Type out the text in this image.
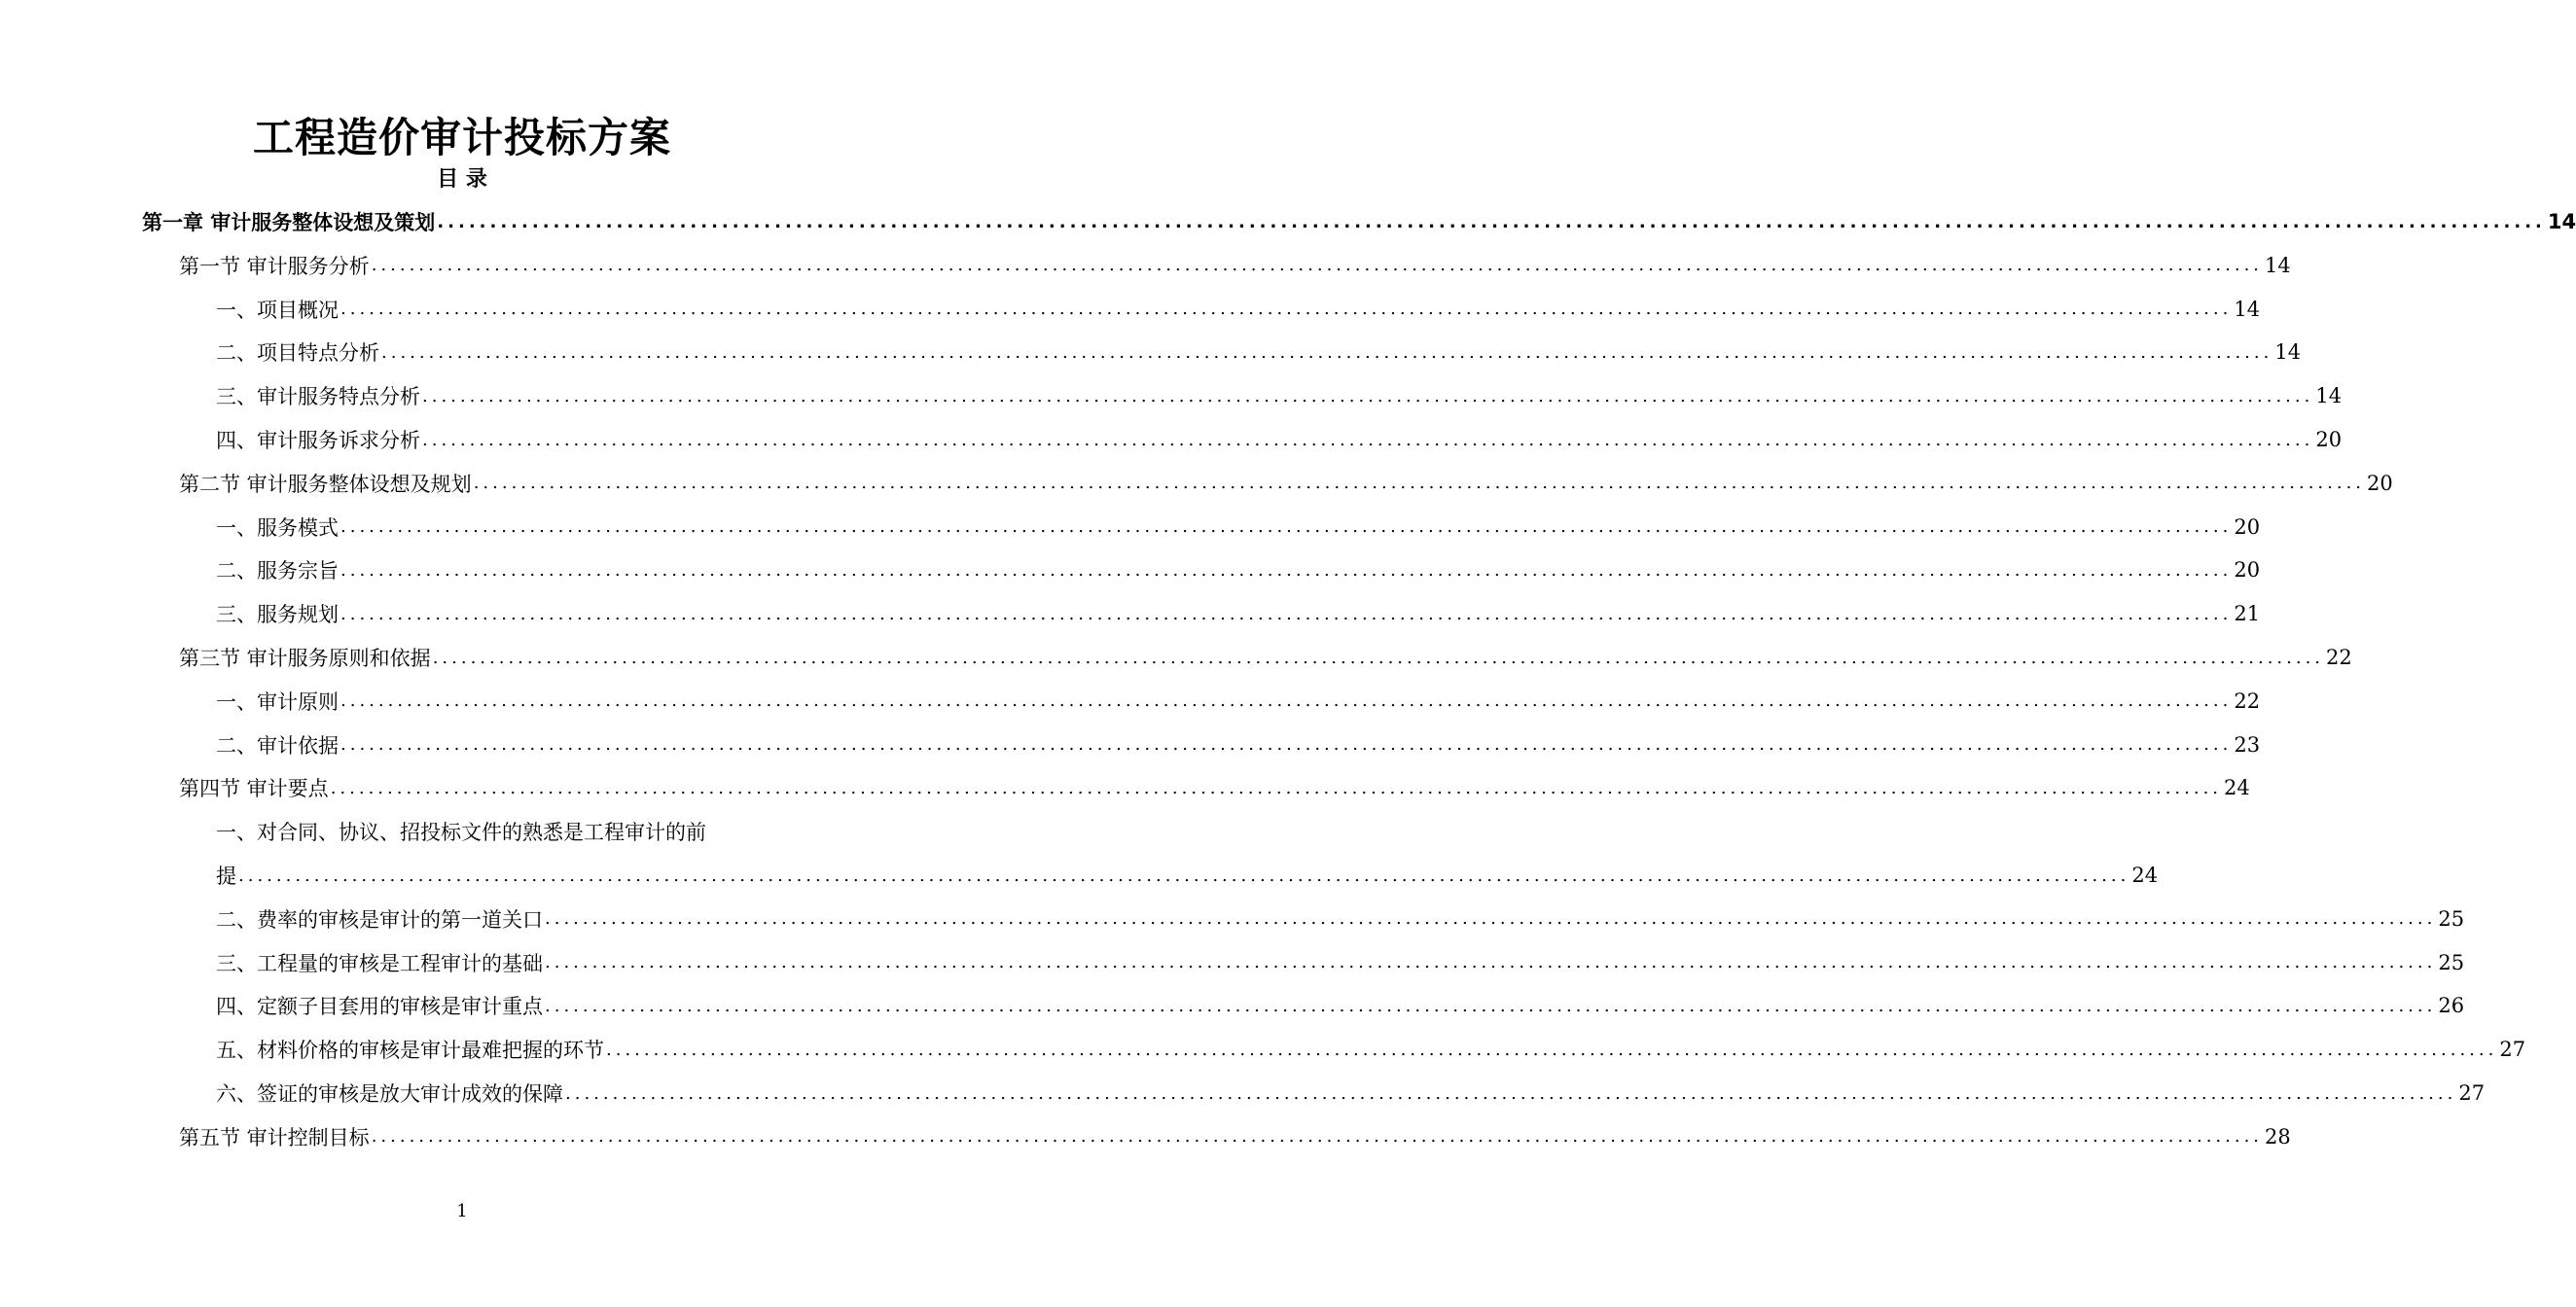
工程造价审计投标方案
目 录
第一章 审计服务整体设想及策划 ........................................................................................................................................................................................................ 14
第一节 审计服务分析 ........................................................................................................................................................................................................ 14
一、项目概况 ........................................................................................................................................................................................................ 14
二、项目特点分析 ........................................................................................................................................................................................................ 14
三、审计服务特点分析 ........................................................................................................................................................................................................ 14
四、审计服务诉求分析 ........................................................................................................................................................................................................ 20
第二节 审计服务整体设想及规划 ........................................................................................................................................................................................................ 20
一、服务模式 ........................................................................................................................................................................................................ 20
二、服务宗旨 ........................................................................................................................................................................................................ 20
三、服务规划 ........................................................................................................................................................................................................ 21
第三节 审计服务原则和依据 ........................................................................................................................................................................................................ 22
一、审计原则 ........................................................................................................................................................................................................ 22
二、审计依据 ........................................................................................................................................................................................................ 23
第四节 审计要点 ........................................................................................................................................................................................................ 24
一、对合同、协议、招投标文件的熟悉是工程审计的前
提 ........................................................................................................................................................................................................ 24
二、费率的审核是审计的第一道关口 ........................................................................................................................................................................................................ 25
三、工程量的审核是工程审计的基础 ........................................................................................................................................................................................................ 25
四、定额子目套用的审核是审计重点 ........................................................................................................................................................................................................ 26
五、材料价格的审核是审计最难把握的环节 ........................................................................................................................................................................................................ 27
六、签证的审核是放大审计成效的保障 ........................................................................................................................................................................................................ 27
第五节 审计控制目标 ........................................................................................................................................................................................................ 28
1
